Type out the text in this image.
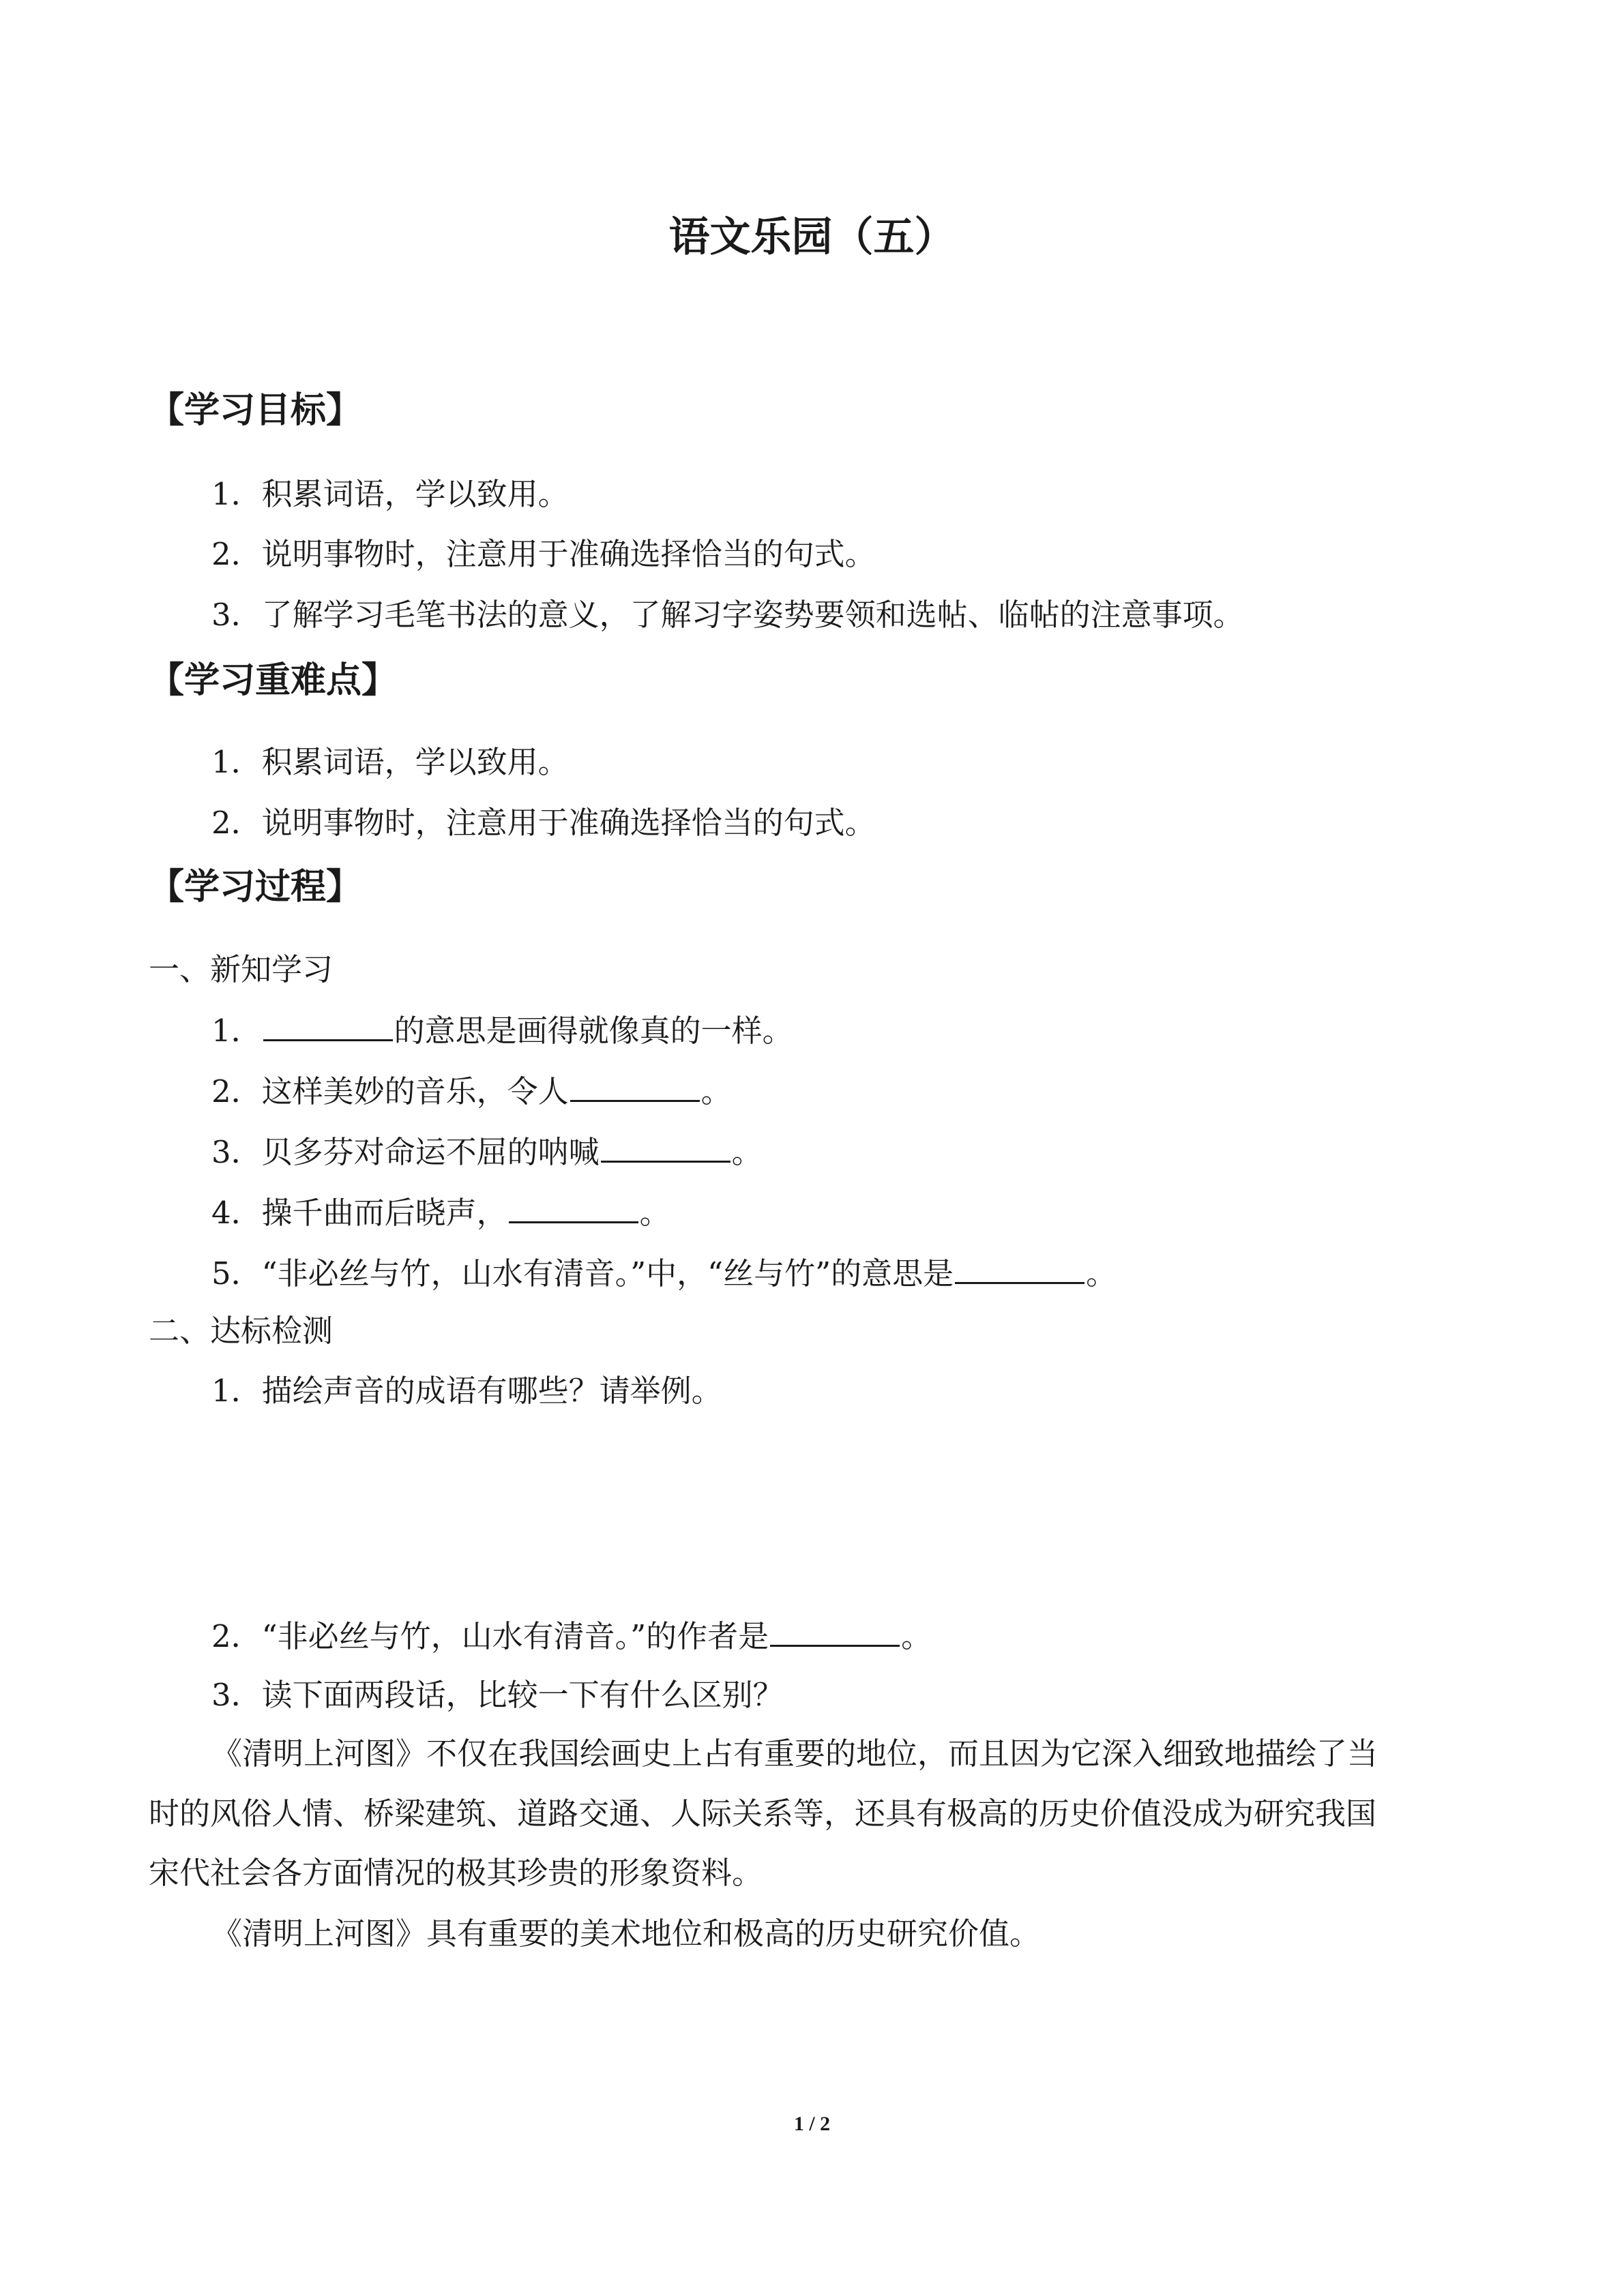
语文乐园（五）
【学习目标】
1．积累词语，学以致用。
2．说明事物时，注意用于准确选择恰当的句式。
3．了解学习毛笔书法的意义，了解习字姿势要领和选帖、临帖的注意事项。
【学习重难点】
1．积累词语，学以致用。
2．说明事物时，注意用于准确选择恰当的句式。
【学习过程】
一、新知学习
1．	的意思是画得就像真的一样。
2．这样美妙的音乐，令人	。
3．贝多芬对命运不屈的呐喊	。
4．操千曲而后晓声，	。
5．“非必丝与竹，山水有清音。”中，“丝与竹”的意思是	。
二、达标检测
1．描绘声音的成语有哪些？请举例。
2．“非必丝与竹，山水有清音。”的作者是	。
3．读下面两段话，比较一下有什么区别？
《清明上河图》不仅在我国绘画史上占有重要的地位，而且因为它深入细致地描绘了当
时的风俗人情、桥梁建筑、道路交通、人际关系等，还具有极高的历史价值没成为研究我国
宋代社会各方面情况的极其珍贵的形象资料。
《清明上河图》具有重要的美术地位和极高的历史研究价值。
1 / 2
